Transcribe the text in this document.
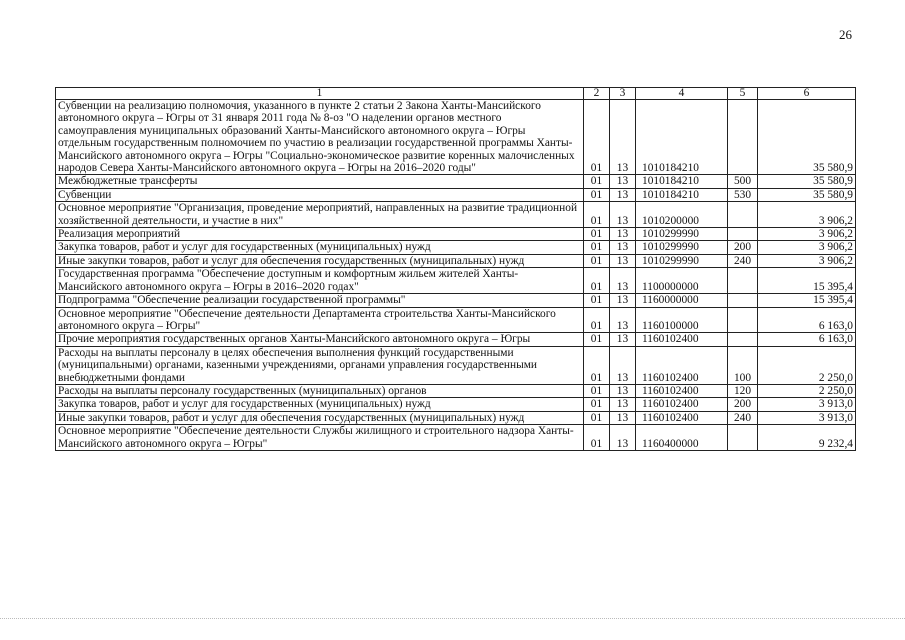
26
1	2	3	4	5	6
Субвенции на реализацию полномочия, указанного в пункте 2 статьи 2 Закона Ханты-Мансийского автономного округа – Югры от 31 января 2011 года № 8-оз "О наделении органов местного самоуправления муниципальных образований Ханты-Мансийского автономного округа – Югры отдельным государственным полномочием по участию в реализации государственной программы Ханты-Мансийского автономного округа – Югры "Социально-экономическое развитие коренных малочисленных народов Севера Ханты-Мансийского автономного округа – Югры на 2016–2020 годы"	01	13	1010184210		35 580,9
Межбюджетные трансферты	01	13	1010184210	500	35 580,9
Субвенции	01	13	1010184210	530	35 580,9
Основное мероприятие "Организация, проведение мероприятий, направленных на развитие традиционной хозяйственной деятельности, и участие в них"	01	13	1010200000		3 906,2
Реализация мероприятий	01	13	1010299990		3 906,2
Закупка товаров, работ и услуг для государственных (муниципальных) нужд	01	13	1010299990	200	3 906,2
Иные закупки товаров, работ и услуг для обеспечения государственных (муниципальных) нужд	01	13	1010299990	240	3 906,2
Государственная программа "Обеспечение доступным и комфортным жильем жителей Ханты-Мансийского автономного округа – Югры в 2016–2020 годах"	01	13	1100000000		15 395,4
Подпрограмма "Обеспечение реализации государственной программы"	01	13	1160000000		15 395,4
Основное мероприятие "Обеспечение деятельности Департамента строительства Ханты-Мансийского автономного округа – Югры"	01	13	1160100000		6 163,0
Прочие мероприятия государственных органов Ханты-Мансийского автономного округа – Югры	01	13	1160102400		6 163,0
Расходы на выплаты персоналу в целях обеспечения выполнения функций государственными (муниципальными) органами, казенными учреждениями, органами управления государственными внебюджетными фондами	01	13	1160102400	100	2 250,0
Расходы на выплаты персоналу государственных (муниципальных) органов	01	13	1160102400	120	2 250,0
Закупка товаров, работ и услуг для государственных (муниципальных) нужд	01	13	1160102400	200	3 913,0
Иные закупки товаров, работ и услуг для обеспечения государственных (муниципальных) нужд	01	13	1160102400	240	3 913,0
Основное мероприятие "Обеспечение деятельности Службы жилищного и строительного надзора Ханты-Мансийского автономного округа – Югры"	01	13	1160400000		9 232,4
